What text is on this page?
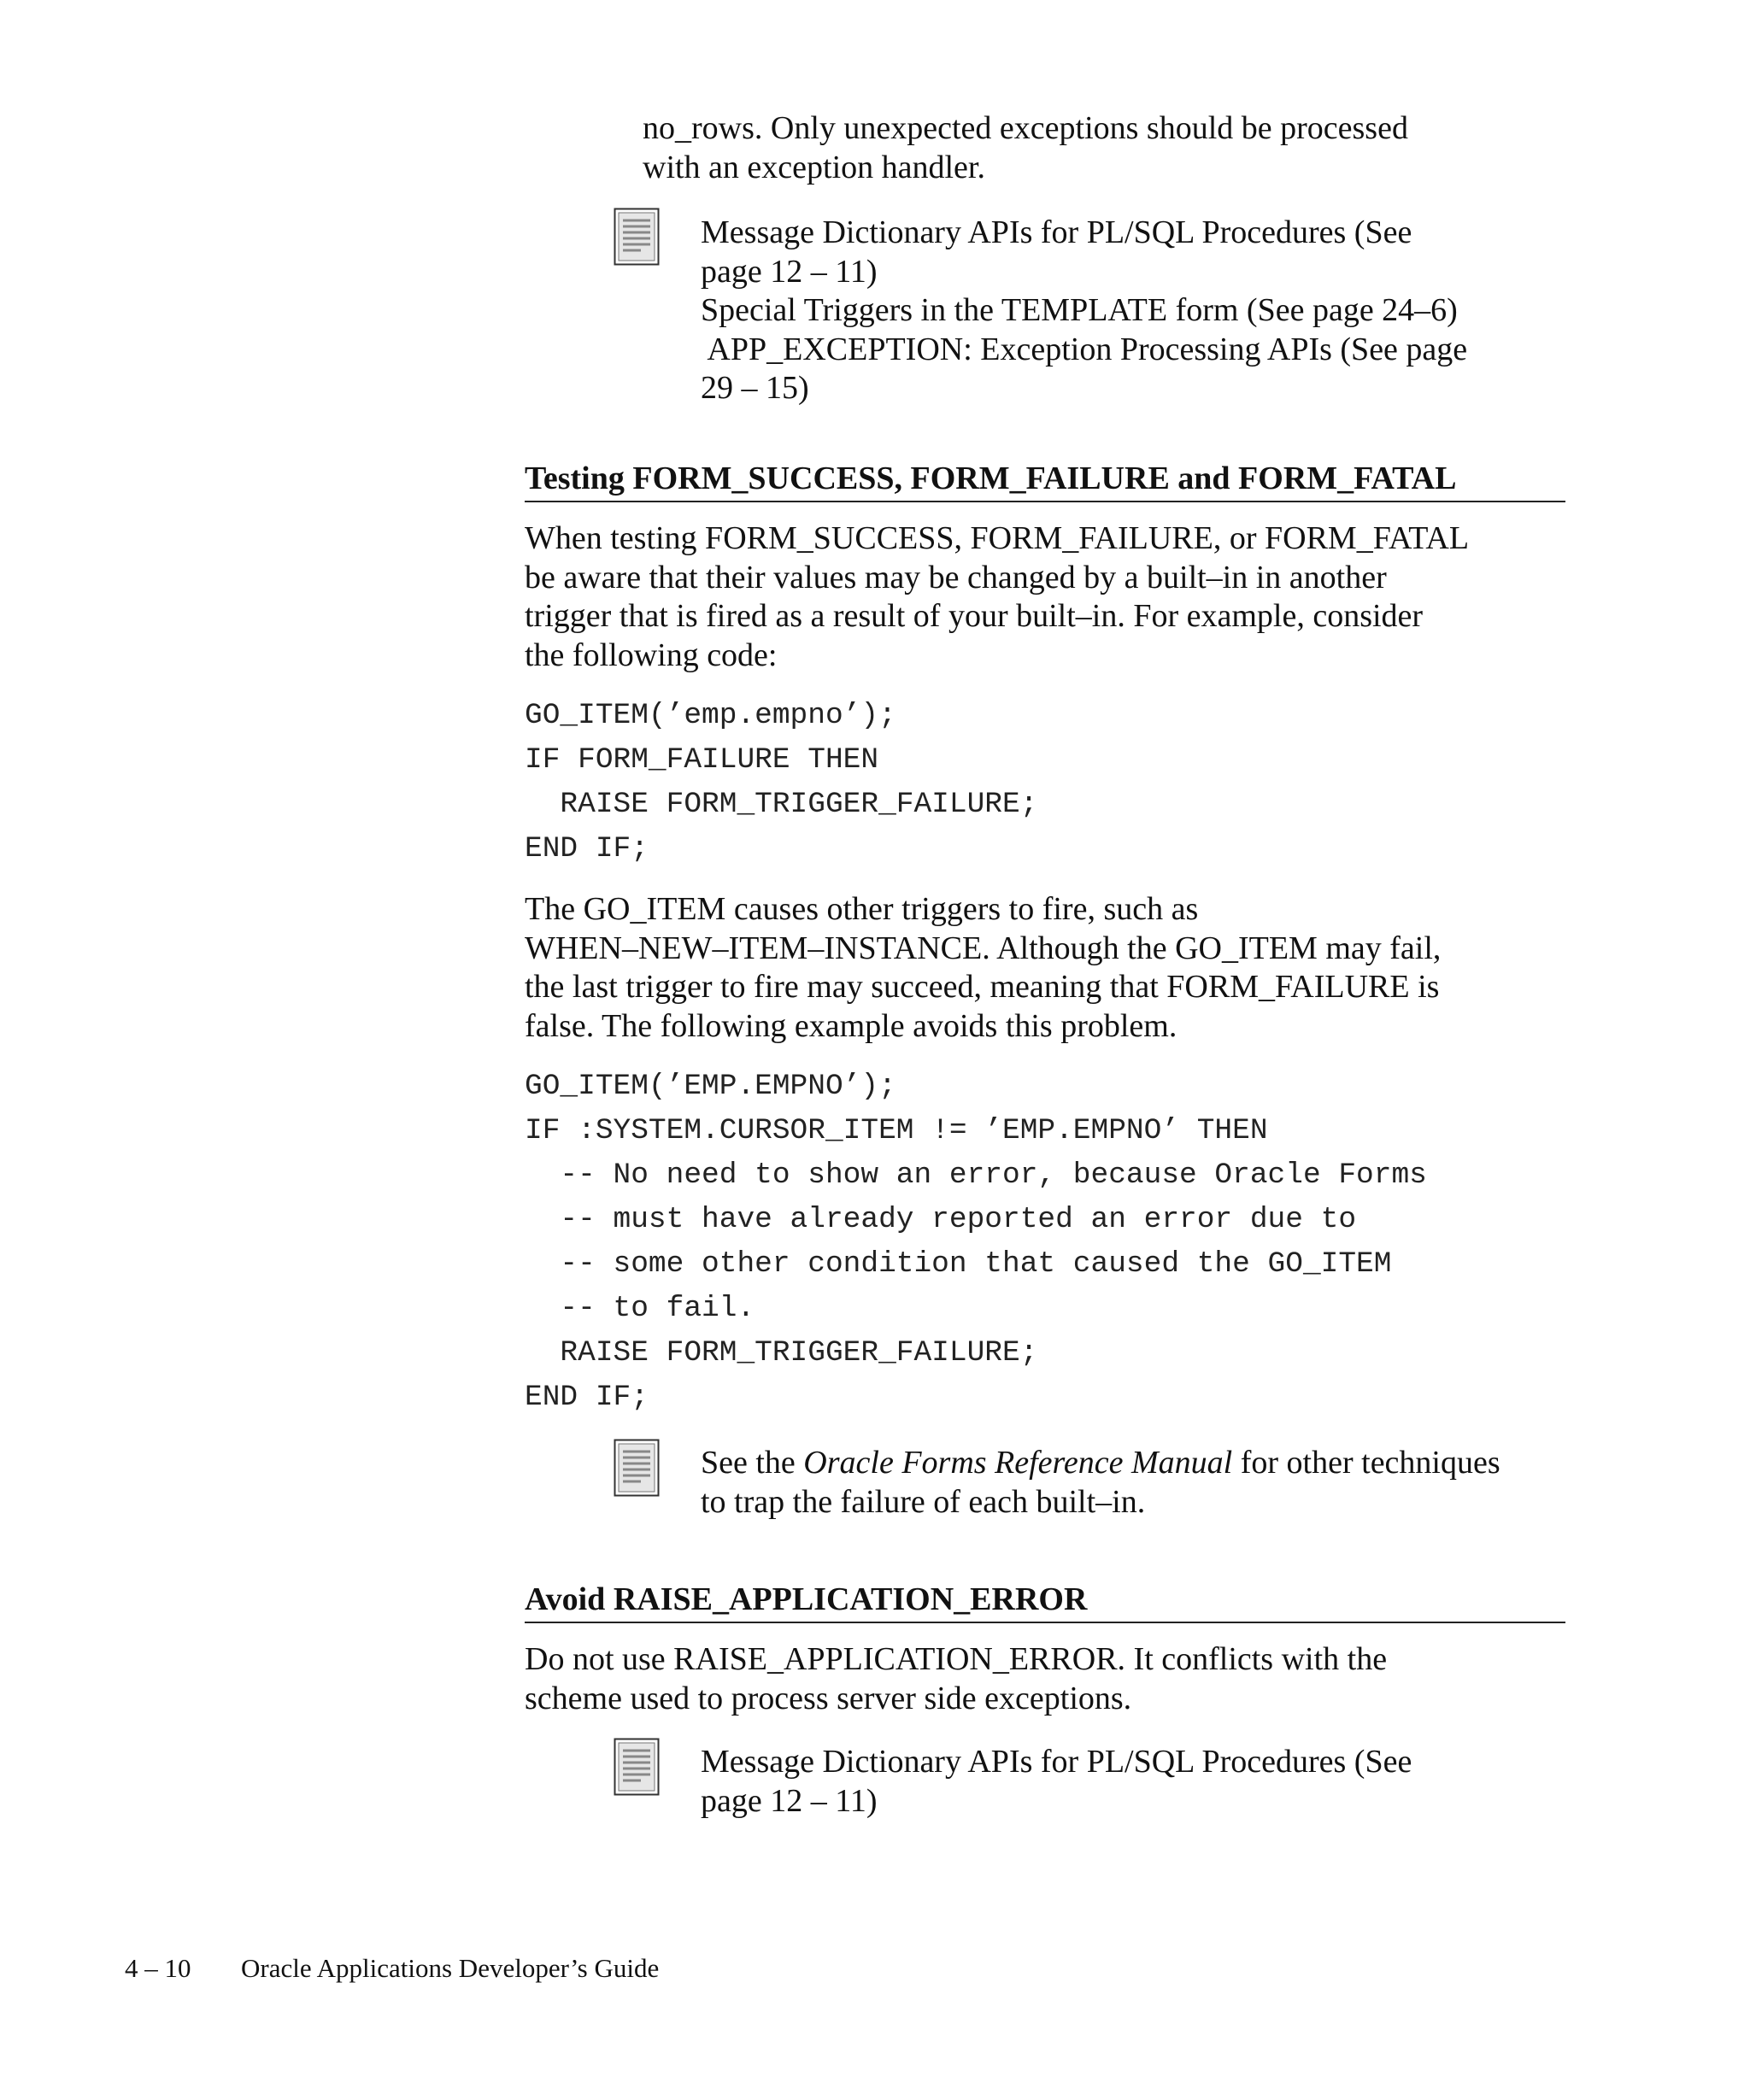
no_rows. Only unexpected exceptions should be processed
with an exception handler.
Message Dictionary APIs for PL/SQL Procedures (See
page 12 – 11)
Special Triggers in the TEMPLATE form (See page 24–6)
APP_EXCEPTION: Exception Processing APIs (See page
29 – 15)
Testing FORM_SUCCESS, FORM_FAILURE and FORM_FATAL
When testing FORM_SUCCESS, FORM_FAILURE, or FORM_FATAL
be aware that their values may be changed by a built–in in another
trigger that is fired as a result of your built–in. For example, consider
the following code:
GO_ITEM(’emp.empno’);
IF FORM_FAILURE THEN
RAISE FORM_TRIGGER_FAILURE;
END IF;
The GO_ITEM causes other triggers to fire, such as
WHEN–NEW–ITEM–INSTANCE. Although the GO_ITEM may fail,
the last trigger to fire may succeed, meaning that FORM_FAILURE is
false. The following example avoids this problem.
GO_ITEM(’EMP.EMPNO’);
IF :SYSTEM.CURSOR_ITEM != ’EMP.EMPNO’ THEN
-- No need to show an error, because Oracle Forms
-- must have already reported an error due to
-- some other condition that caused the GO_ITEM
-- to fail.
RAISE FORM_TRIGGER_FAILURE;
END IF;
See the Oracle Forms Reference Manual for other techniques
to trap the failure of each built–in.
Avoid RAISE_APPLICATION_ERROR
Do not use RAISE_APPLICATION_ERROR. It conflicts with the
scheme used to process server side exceptions.
Message Dictionary APIs for PL/SQL Procedures (See
page 12 – 11)
4 – 10 Oracle Applications Developer’s Guide
